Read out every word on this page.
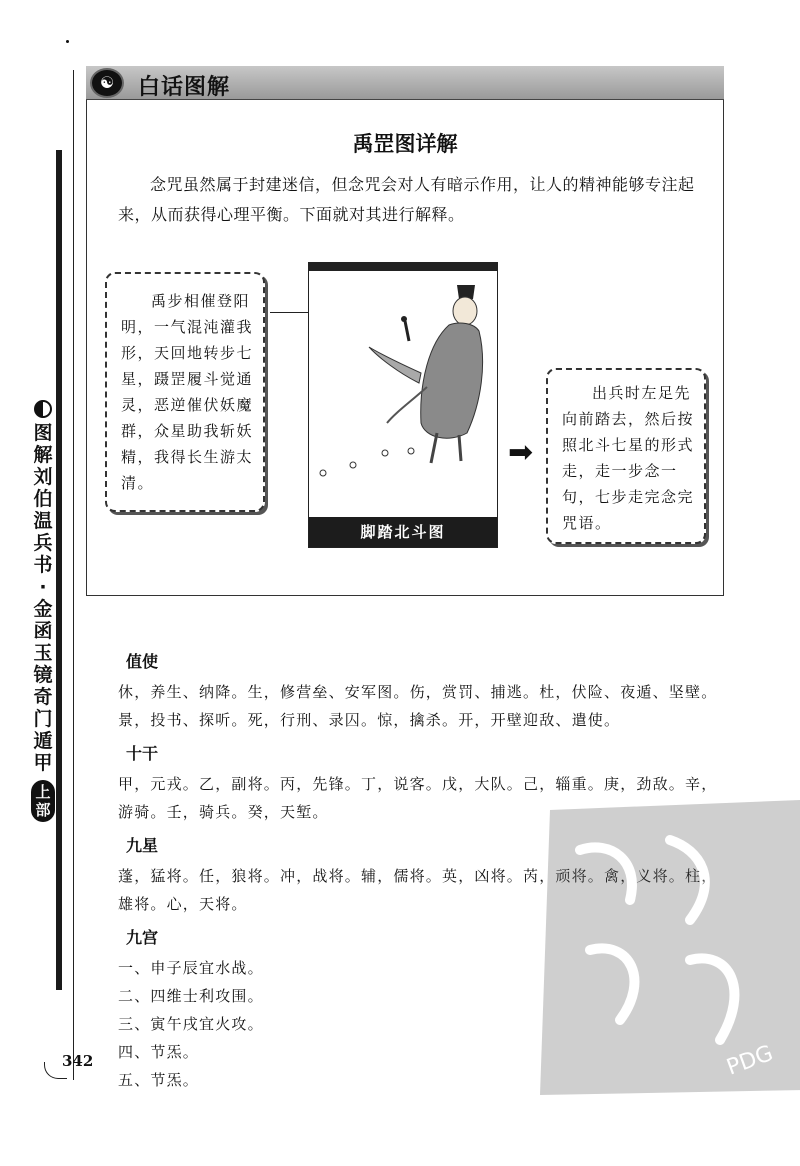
图解刘伯温兵书·金函玉镜奇门遁甲
上部
☯	白话图解
禹罡图详解
念咒虽然属于封建迷信，但念咒会对人有暗示作用，让人的精神能够专注起来，从而获得心理平衡。下面就对其进行解释。
禹步相催登阳明，一气混沌灌我形，天回地转步七星，蹑罡履斗觉通灵，恶逆催伏妖魔群，众星助我斩妖精，我得长生游太清。
脚踏北斗图
➡
出兵时左足先向前踏去，然后按照北斗七星的形式走，走一步念一句，七步走完念完咒语。
值使
休，养生、纳降。生，修营垒、安军图。伤，赏罚、捕逃。杜，伏险、夜遁、坚壁。景，投书、探听。死，行刑、录囚。惊，擒杀。开，开壁迎敌、遣使。
十干
甲，元戎。乙，副将。丙，先锋。丁，说客。戊，大队。己，辎重。庚，劲敌。辛，游骑。壬，骑兵。癸，天堑。
九星
蓬，猛将。任，狼将。冲，战将。辅，儒将。英，凶将。芮，顽将。禽，义将。柱，雄将。心，天将。
九宫
一、申子辰宜水战。
二、四维士利攻围。
三、寅午戌宜火攻。
四、节炁。
五、节炁。	PDG
342
